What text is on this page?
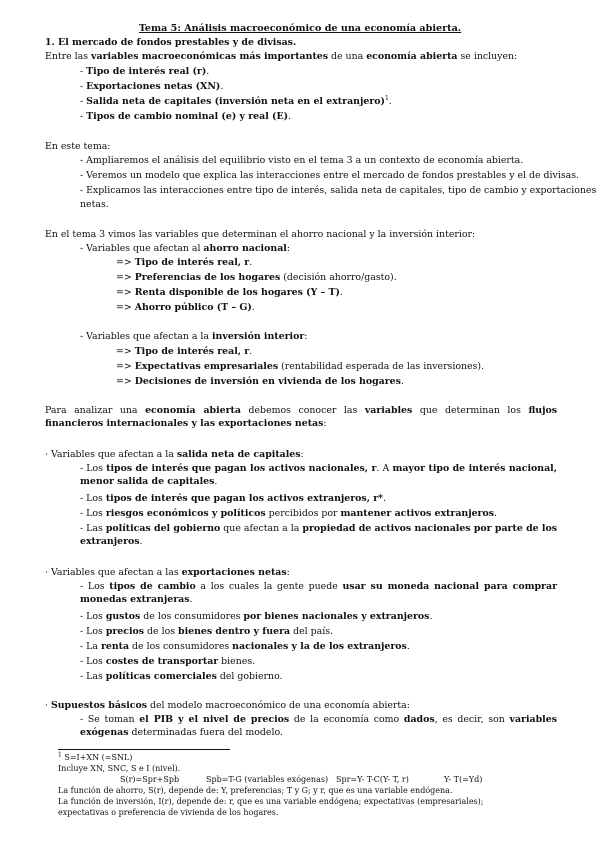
Tema 5: Análisis macroeconómico de una economía abierta.
1. El mercado de fondos prestables y de divisas.
Entre las variables macroeconómicas más importantes de una economía abierta se incluyen:
- Tipo de interés real (r).
- Exportaciones netas (XN).
- Salida neta de capitales (inversión neta en el extranjero)$^1$.
- Tipos de cambio nominal (e) y real (E).
En este tema:
- Ampliaremos el análisis del equilibrio visto en el tema 3 a un contexto de economía abierta.
- Veremos un modelo que explica las interacciones entre el mercado de fondos prestables y el de divisas.
- Explicamos las interacciones entre tipo de interés, salida neta de capitales, tipo de cambio y exportaciones
netas.
En el tema 3 vimos las variables que determinan el ahorro nacional y la inversión interior:
- Variables que afectan al ahorro nacional:
=> Tipo de interés real, r.
=> Preferencias de los hogares (decisión ahorro/gasto).
=> Renta disponible de los hogares (Y – T).
=> Ahorro público (T – G).
- Variables que afectan a la inversión interior:
=> Tipo de interés real, r.
=> Expectativas empresariales (rentabilidad esperada de las inversiones).
=> Decisiones de inversión en vivienda de los hogares.
Para analizar una economía abierta debemos conocer las variables que determinan los flujos financieros internacionales y las exportaciones netas:
· Variables que afectan a la salida neta de capitales:
- Los tipos de interés que pagan los activos nacionales, r. A mayor tipo de interés nacional, menor salida de capitales.
- Los tipos de interés que pagan los activos extranjeros, r*.
- Los riesgos económicos y políticos percibidos por mantener activos extranjeros.
- Las políticas del gobierno que afectan a la propiedad de activos nacionales por parte de los extranjeros.
· Variables que afectan a las exportaciones netas:
- Los tipos de cambio a los cuales la gente puede usar su moneda nacional para comprar monedas extranjeras.
- Los gustos de los consumidores por bienes nacionales y extranjeros.
- Los precios de los bienes dentro y fuera del país.
- La renta de los consumidores nacionales y la de los extranjeros.
- Los costes de transportar bienes.
- Las políticas comerciales del gobierno.
· Supuestos básicos del modelo macroeconómico de una economía abierta:
- Se toman el PIB y el nivel de precios de la economía como dados, es decir, son variables exógenas determinadas fuera del modelo.
$^1$ S=I+XN (=SNL)
Incluye XN, SNC, S e I (nivel).
S(r)=Spr+Spb	Spb=T-G (variables exógenas) Spr=Y- T-C(Y- T, r)	Y- T(=Yd)
La función de ahorro, S(r), depende de: Y, preferencias; T y G; y r, que es una variable endógena.
La función de inversión, I(r), depende de: r, que es una variable endógena; expectativas (empresariales);
expectativas o preferencia de vivienda de los hogares.
